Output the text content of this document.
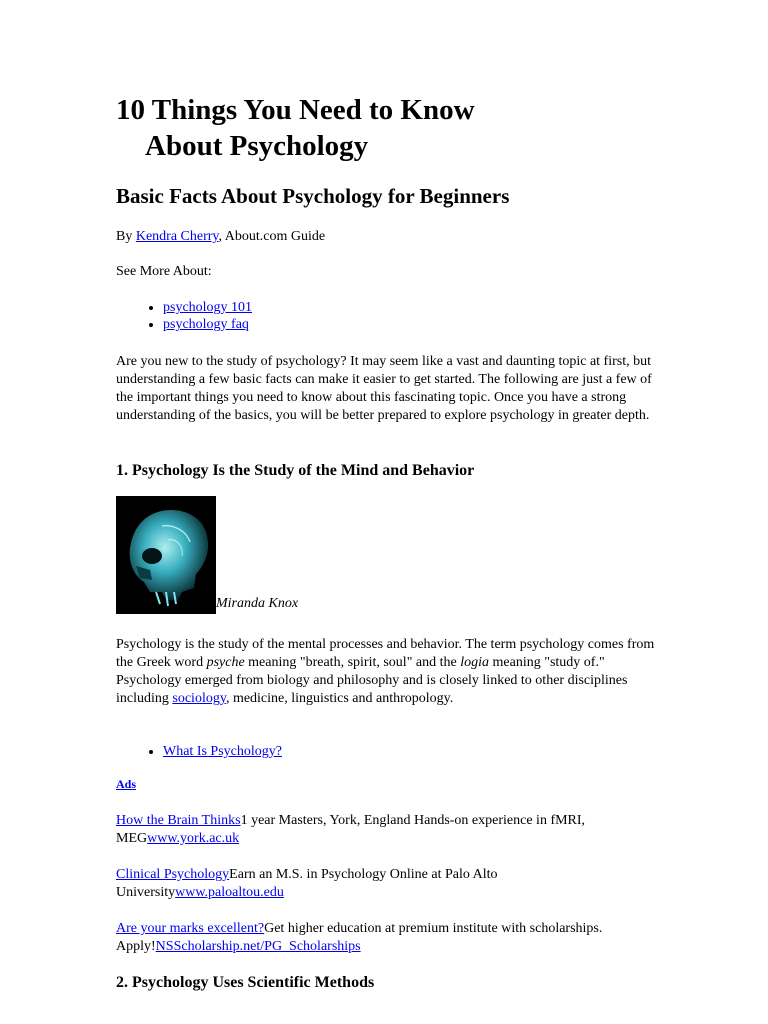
10 Things You Need to Know
About Psychology
Basic Facts About Psychology for Beginners

By Kendra Cherry, About.com Guide

See More About:

• psychology 101
• psychology faq

Are you new to the study of psychology? It may seem like a vast and daunting topic at first, but understanding a few basic facts can make it easier to get started. The following are just a few of the important things you need to know about this fascinating topic. Once you have a strong understanding of the basics, you will be better prepared to explore psychology in greater depth.

1. Psychology Is the Study of the Mind and Behavior
Miranda Knox

Psychology is the study of the mental processes and behavior. The term psychology comes from the Greek word psyche meaning "breath, spirit, soul" and the logia meaning "study of." Psychology emerged from biology and philosophy and is closely linked to other disciplines including sociology, medicine, linguistics and anthropology.

• What Is Psychology?
Ads

How the Brain Thinks1 year Masters, York, England Hands-on experience in fMRI, MEGwww.york.ac.uk

Clinical PsychologyEarn an M.S. in Psychology Online at Palo Alto Universitywww.paloaltou.edu

Are your marks excellent?Get higher education at premium institute with scholarships. Apply!NSScholarship.net/PG_Scholarships

2. Psychology Uses Scientific Methods
